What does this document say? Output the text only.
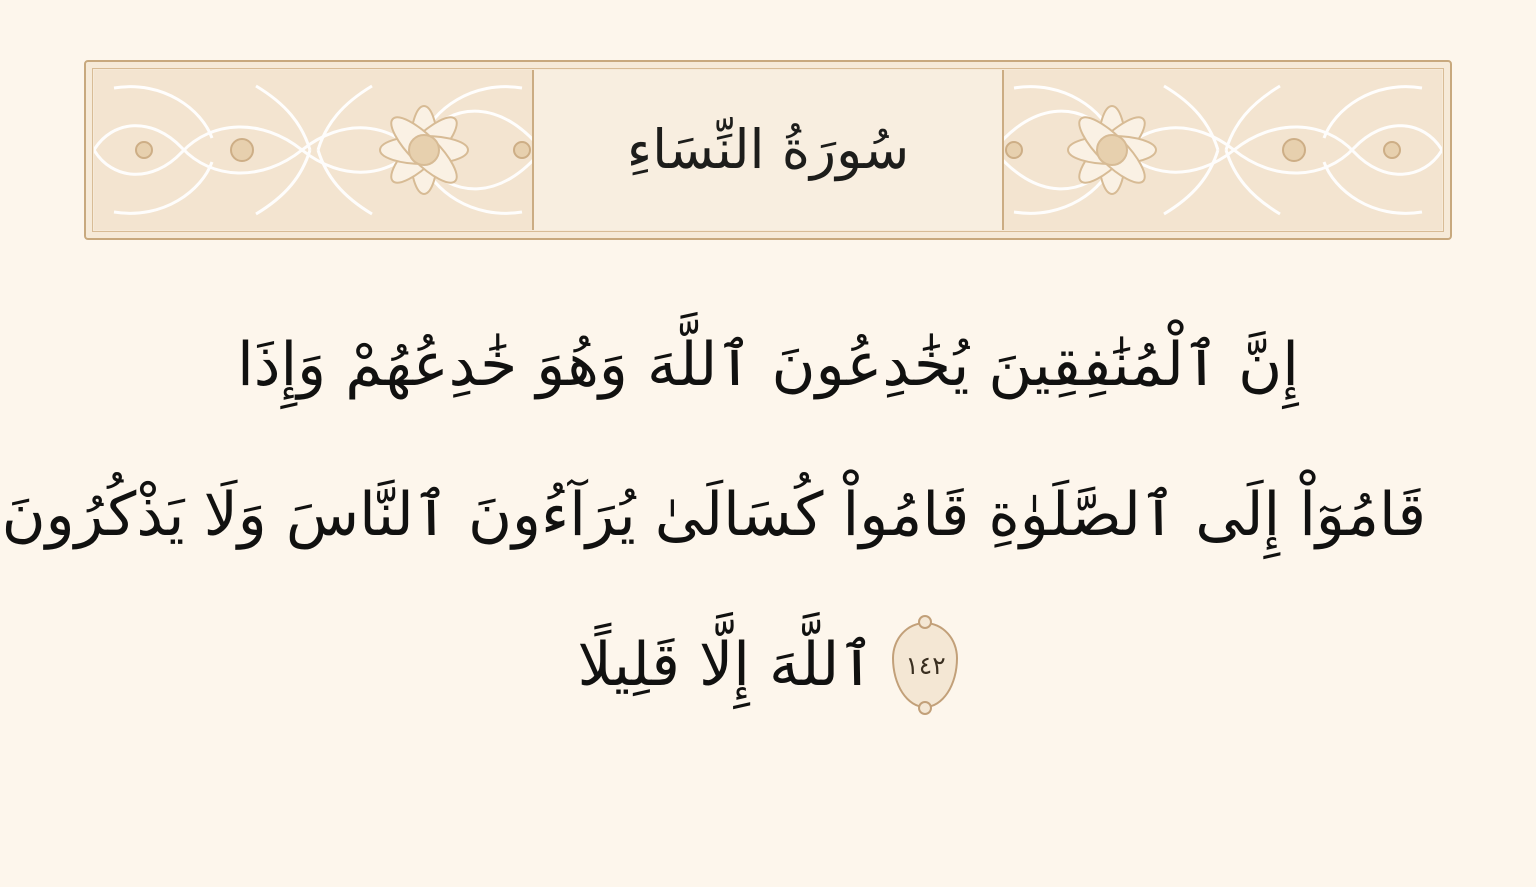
سُورَةُ النِّسَاءِ
إِنَّ ٱلْمُنَٰفِقِينَ يُخَٰدِعُونَ ٱللَّهَ وَهُوَ خَٰدِعُهُمْ وَإِذَا
قَامُوٓاْ إِلَى ٱلصَّلَوٰةِ قَامُواْ كُسَالَىٰ يُرَآءُونَ ٱلنَّاسَ وَلَا يَذْكُرُونَ
١٤٢
ٱللَّهَ إِلَّا قَلِيلًا
